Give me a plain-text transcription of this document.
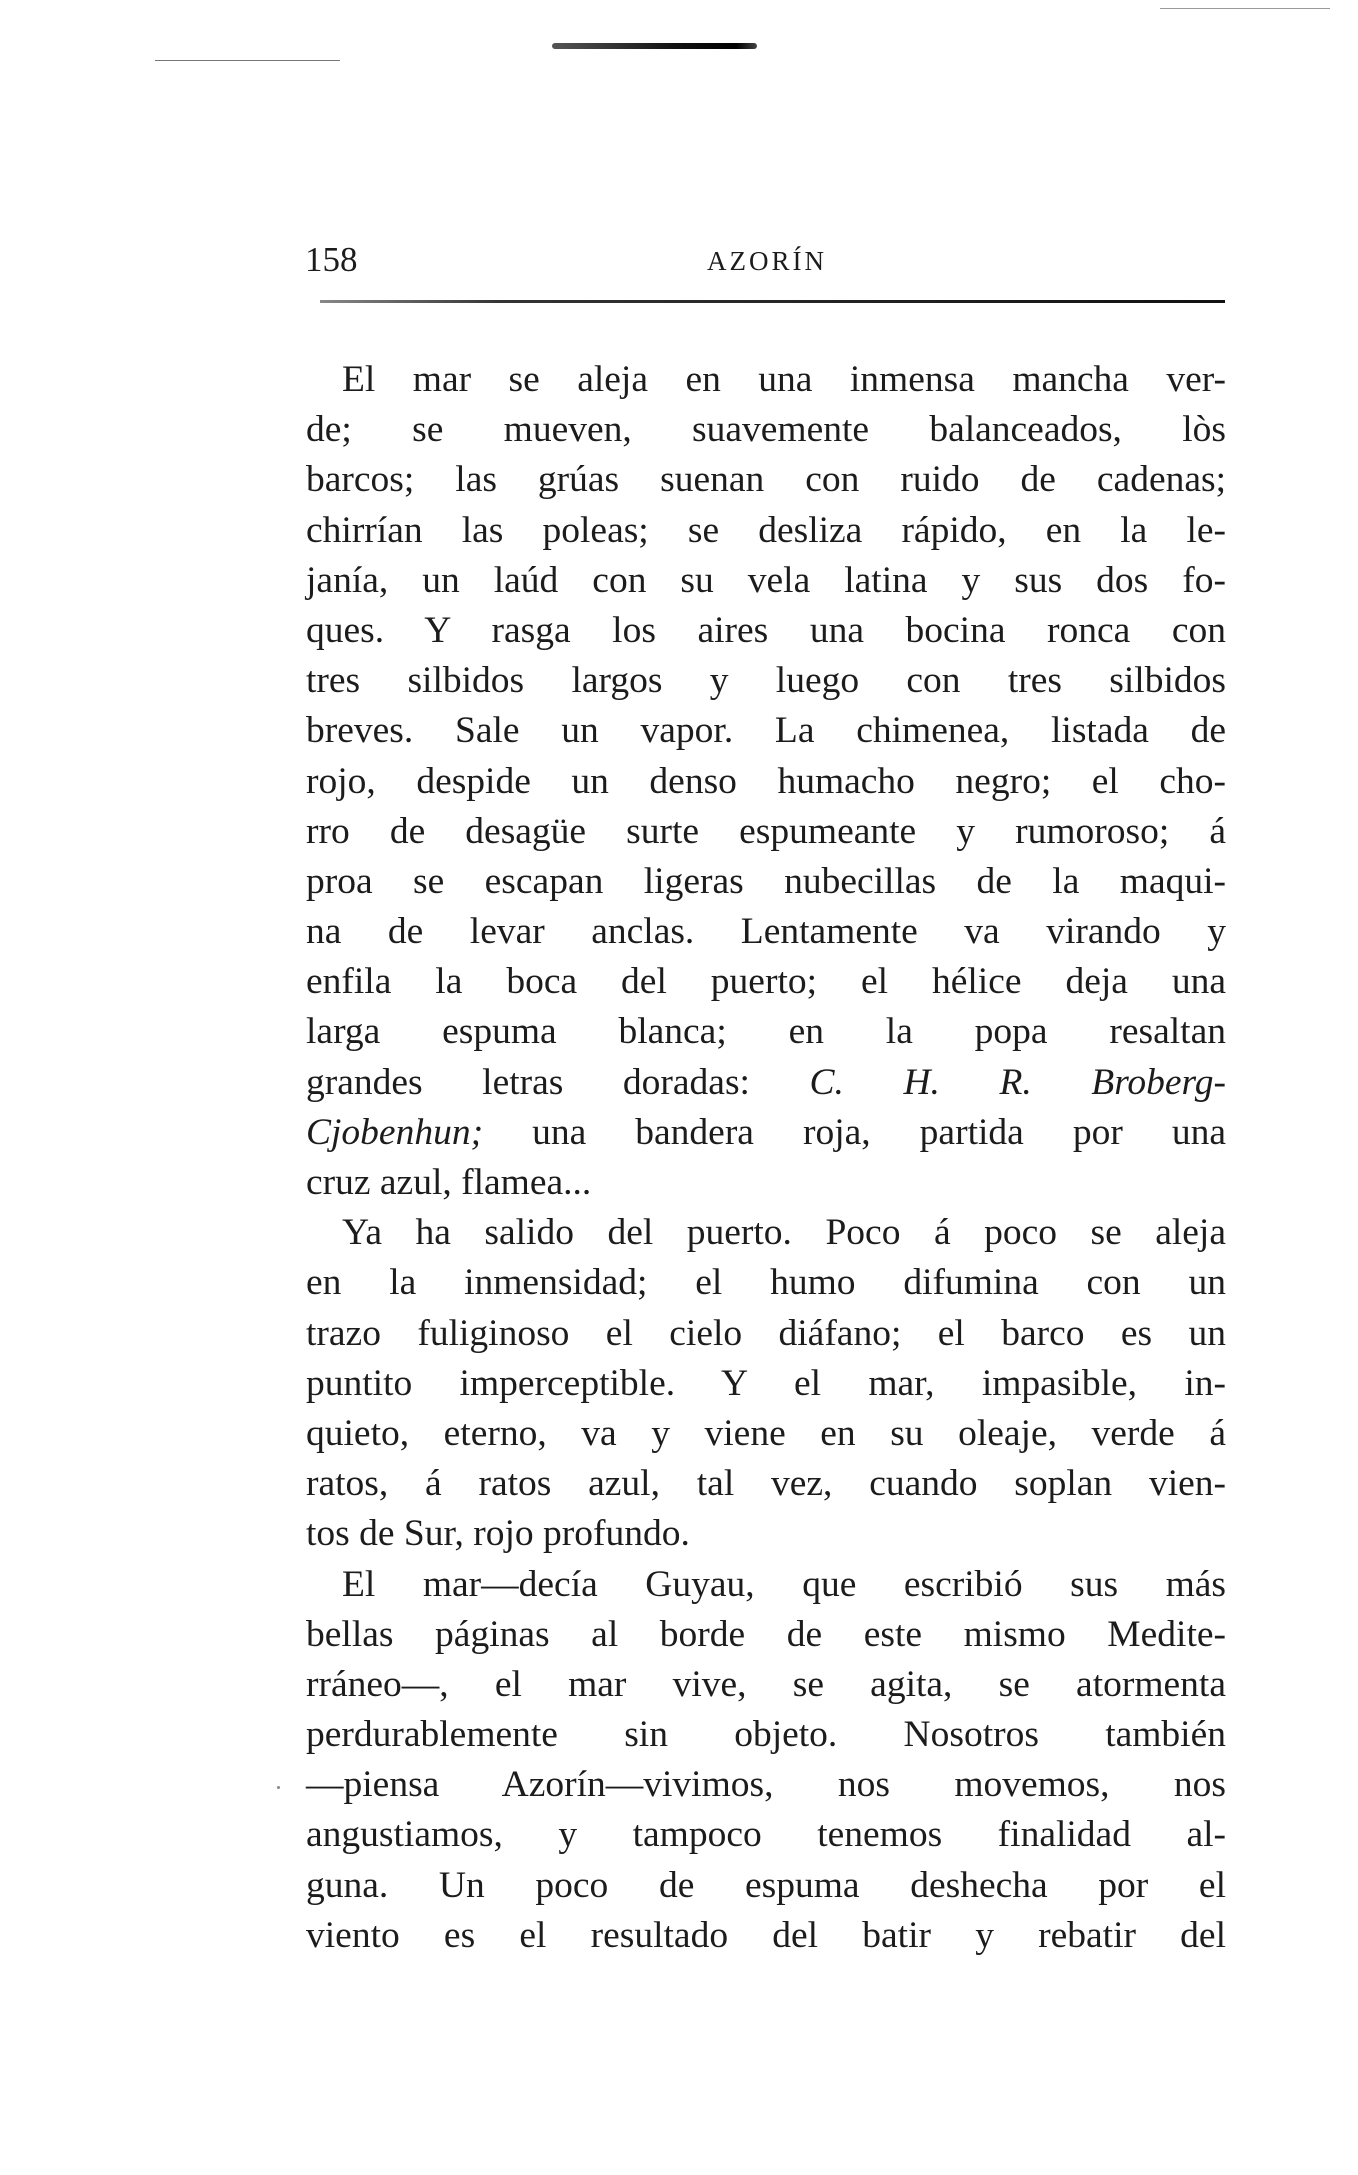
158	AZORÍN
El mar se aleja en una inmensa mancha ver-
de; se mueven, suavemente balanceados, lòs
barcos; las grúas suenan con ruido de cadenas;
chirrían las poleas; se desliza rápido, en la le-
janía, un laúd con su vela latina y sus dos fo-
ques. Y rasga los aires una bocina ronca con
tres silbidos largos y luego con tres silbidos
breves. Sale un vapor. La chimenea, listada de
rojo, despide un denso humacho negro; el cho-
rro de desagüe surte espumeante y rumoroso; á
proa se escapan ligeras nubecillas de la maqui-
na de levar anclas. Lentamente va virando y
enfila la boca del puerto; el hélice deja una
larga espuma blanca; en la popa resaltan
grandes letras doradas: C. H. R. Broberg-
Cjobenhun; una bandera roja, partida por una
cruz azul, flamea...
Ya ha salido del puerto. Poco á poco se aleja
en la inmensidad; el humo difumina con un
trazo fuliginoso el cielo diáfano; el barco es un
puntito imperceptible. Y el mar, impasible, in-
quieto, eterno, va y viene en su oleaje, verde á
ratos, á ratos azul, tal vez, cuando soplan vien-
tos de Sur, rojo profundo.
El mar—decía Guyau, que escribió sus más
bellas páginas al borde de este mismo Medite-
rráneo—, el mar vive, se agita, se atormenta
perdurablemente sin objeto. Nosotros también
—piensa Azorín—vivimos, nos movemos, nos
angustiamos, y tampoco tenemos finalidad al-
guna. Un poco de espuma deshecha por el
viento es el resultado del batir y rebatir del
